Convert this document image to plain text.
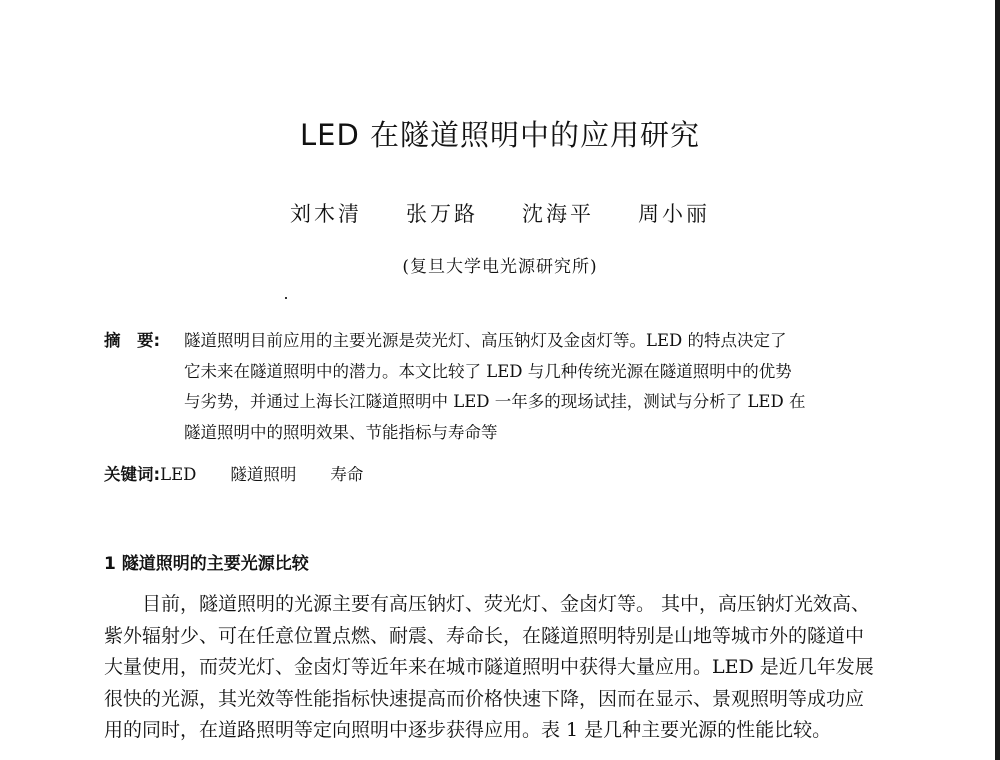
LED 在隧道照明中的应用研究
刘木清 张万路 沈海平 周小丽
(复旦大学电光源研究所)
摘　要:	隧道照明目前应用的主要光源是荧光灯、高压钠灯及金卤灯等。LED 的特点决定了
它未来在隧道照明中的潜力。本文比较了 LED 与几种传统光源在隧道照明中的优势
与劣势，并通过上海长江隧道照明中 LED 一年多的现场试挂，测试与分析了 LED 在
隧道照明中的照明效果、节能指标与寿命等
关键词: LED 隧道照明 寿命
1 隧道照明的主要光源比较
目前，隧道照明的光源主要有高压钠灯、荧光灯、金卤灯等。 其中，高压钠灯光效高、
紫外辐射少、可在任意位置点燃、耐震、寿命长，在隧道照明特别是山地等城市外的隧道中
大量使用，而荧光灯、金卤灯等近年来在城市隧道照明中获得大量应用。LED 是近几年发展
很快的光源，其光效等性能指标快速提高而价格快速下降，因而在显示、景观照明等成功应
用的同时，在道路照明等定向照明中逐步获得应用。表 1 是几种主要光源的性能比较。
